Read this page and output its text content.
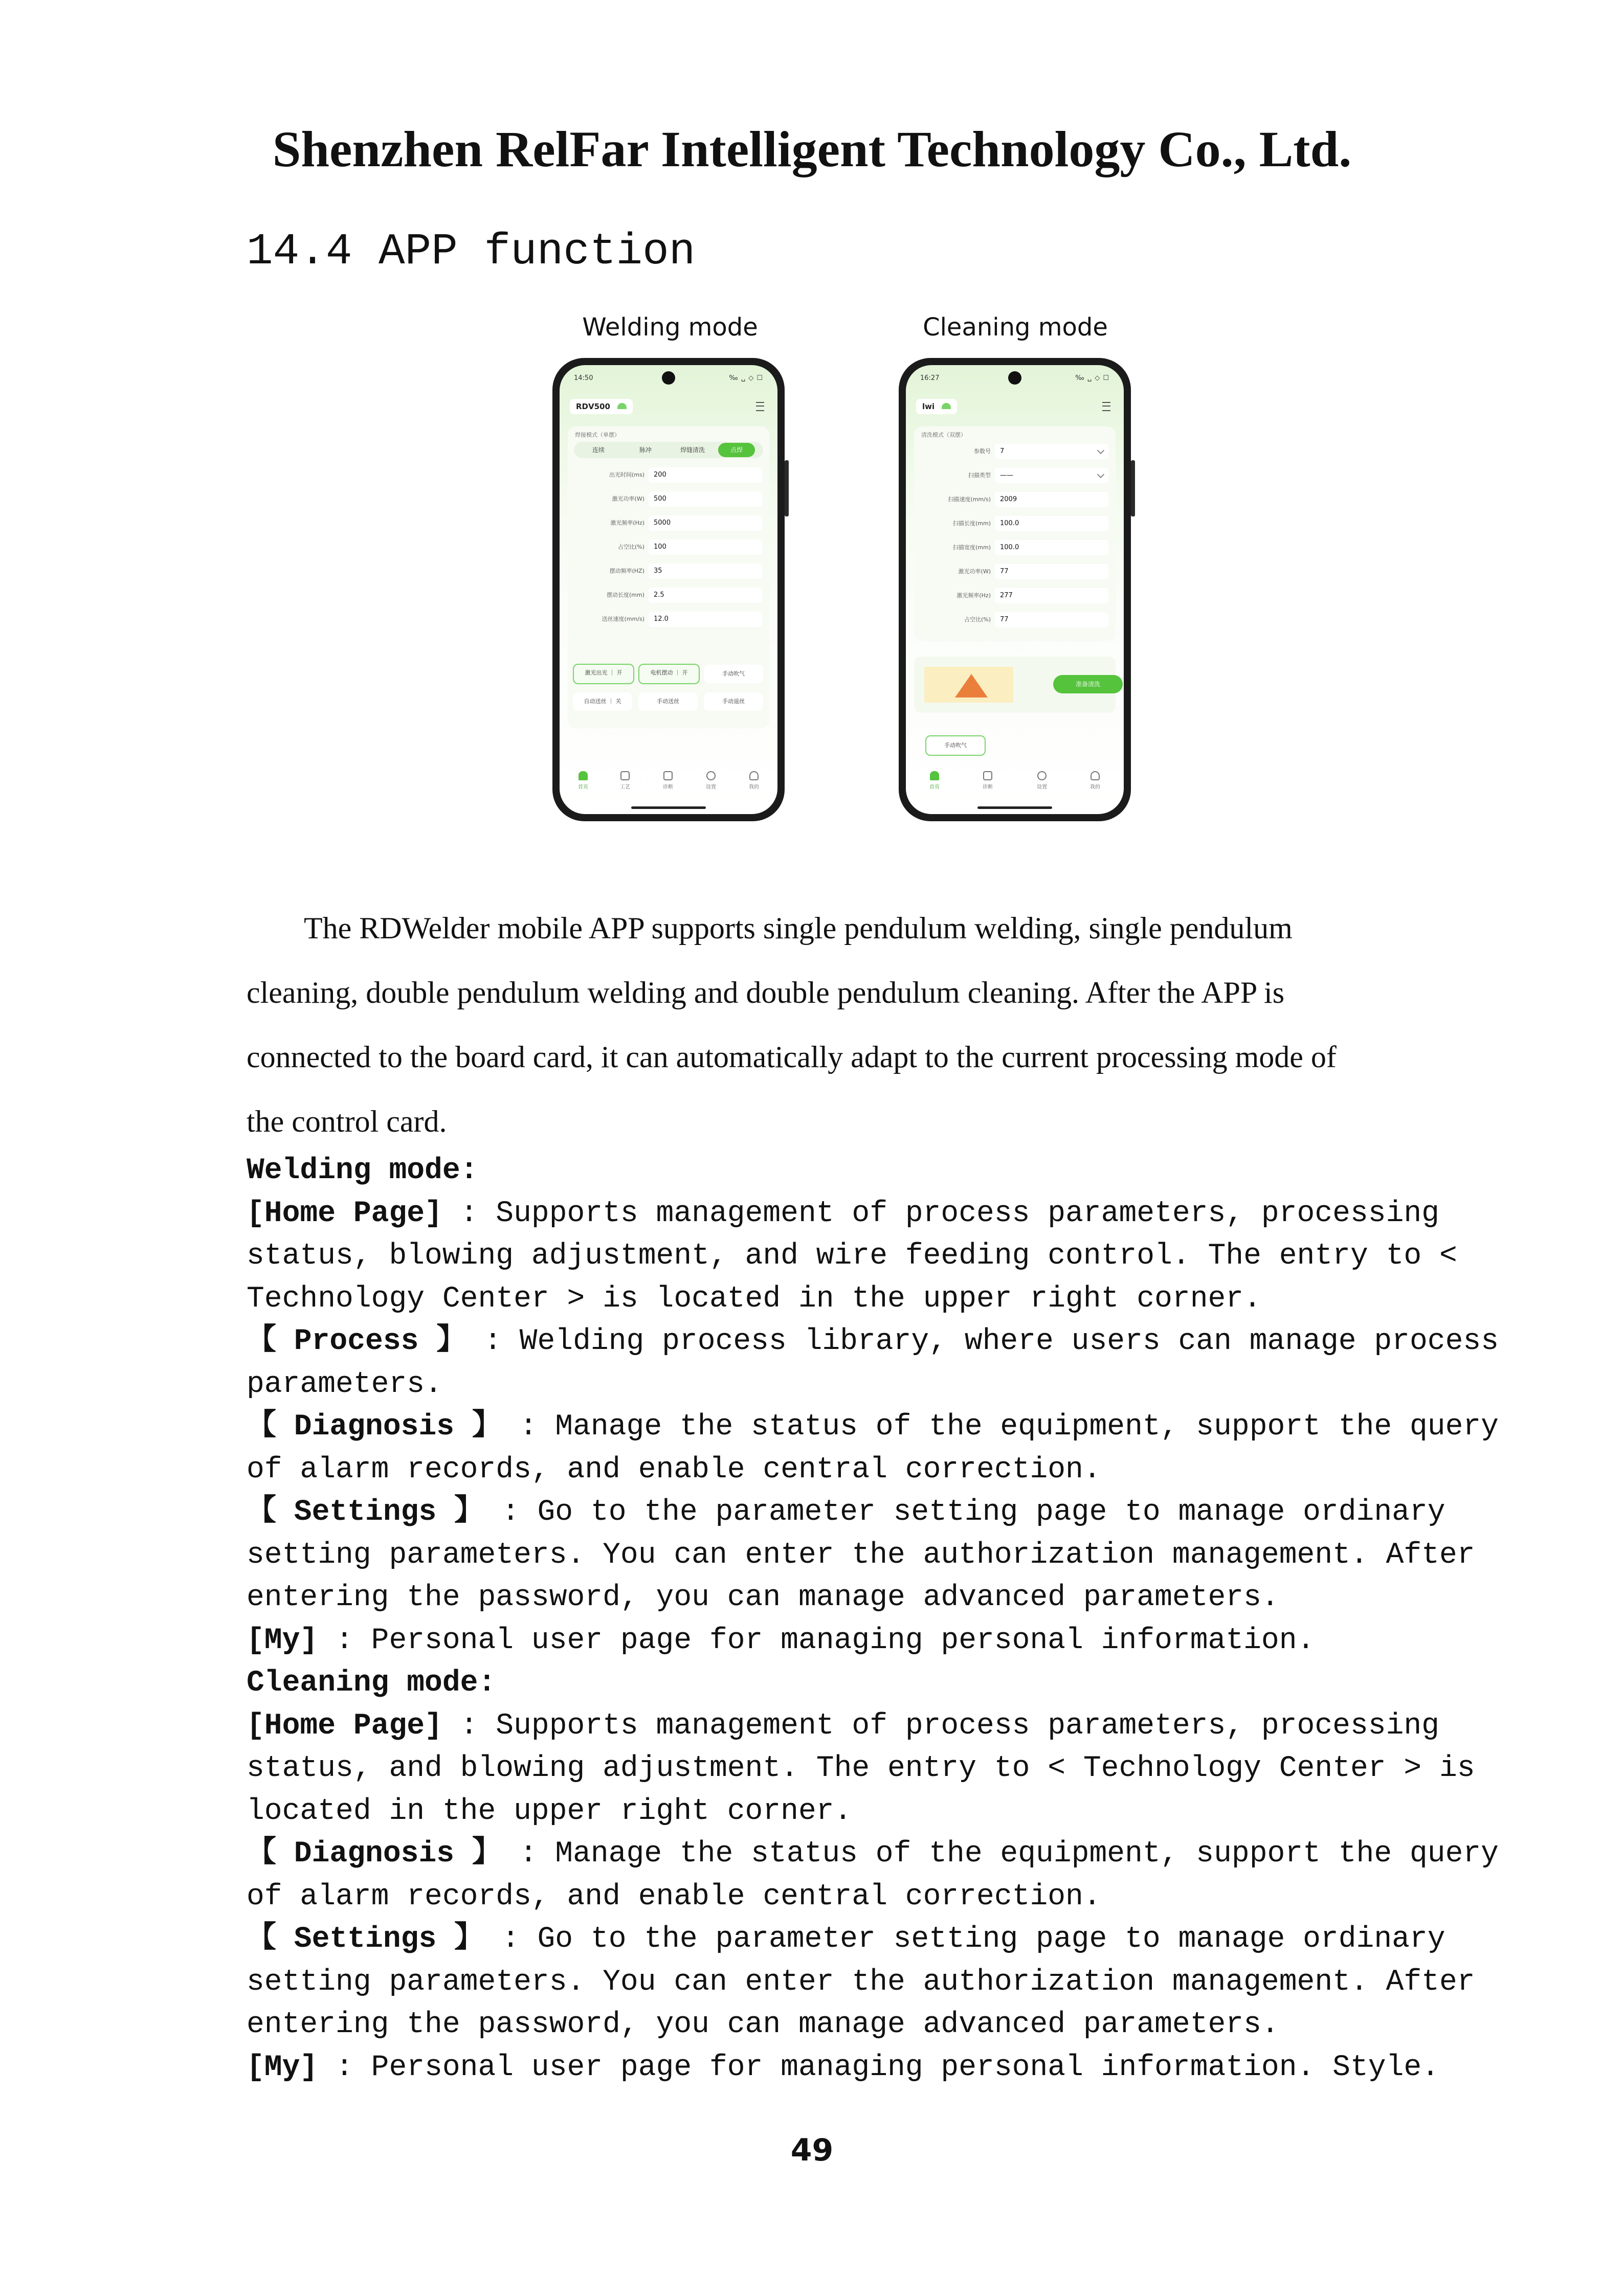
Shenzhen RelFar Intelligent Technology Co., Ltd.
14.4 APP function
Welding mode	Cleaning mode
14:50	‰ ␣ ◇ ☐
RDV500
焊接模式（单摆）
连续	脉冲	焊缝清洗	点焊
出光时间(ms) 200
激光功率(W) 500
激光频率(Hz) 5000
占空比(%) 100
摆动频率(HZ) 35
摆动长度(mm) 2.5
送丝速度(mm/s) 12.0
激光出光 ｜ 开	电机摆动 ｜ 开	手动吹气
自动送丝 ｜ 关	手动送丝	手动退丝
首页	工艺	诊断	设置	我的
16:27	‰ ␣ ◇ ☐
lwi
清洗模式（双摆）
参数号 7
扫描类型 ——
扫描速度(mm/s) 2009
扫描长度(mm) 100.0
扫描宽度(mm) 100.0
激光功率(W) 77
激光频率(Hz) 277
占空比(%) 77
准备清洗
手动吹气
首页	诊断	设置	我的

The RDWelder mobile APP supports single pendulum welding, single pendulum cleaning, double pendulum welding and double pendulum cleaning. After the APP is connected to the board card, it can automatically adapt to the current processing mode of the control card.

Welding mode:
[Home Page] : Supports management of process parameters, processing
status, blowing adjustment, and wire feeding control. The entry to <
Technology Center > is located in the upper right corner.
【 Process 】 : Welding process library, where users can manage process
parameters.
【 Diagnosis 】 : Manage the status of the equipment, support the query
of alarm records, and enable central correction.
【 Settings 】 : Go to the parameter setting page to manage ordinary
setting parameters. You can enter the authorization management. After
entering the password, you can manage advanced parameters.
[My] : Personal user page for managing personal information.
Cleaning mode:
[Home Page] : Supports management of process parameters, processing
status, and blowing adjustment. The entry to < Technology Center > is
located in the upper right corner.
【 Diagnosis 】 : Manage the status of the equipment, support the query
of alarm records, and enable central correction.
【 Settings 】 : Go to the parameter setting page to manage ordinary
setting parameters. You can enter the authorization management. After
entering the password, you can manage advanced parameters.
[My] : Personal user page for managing personal information. Style.
49
